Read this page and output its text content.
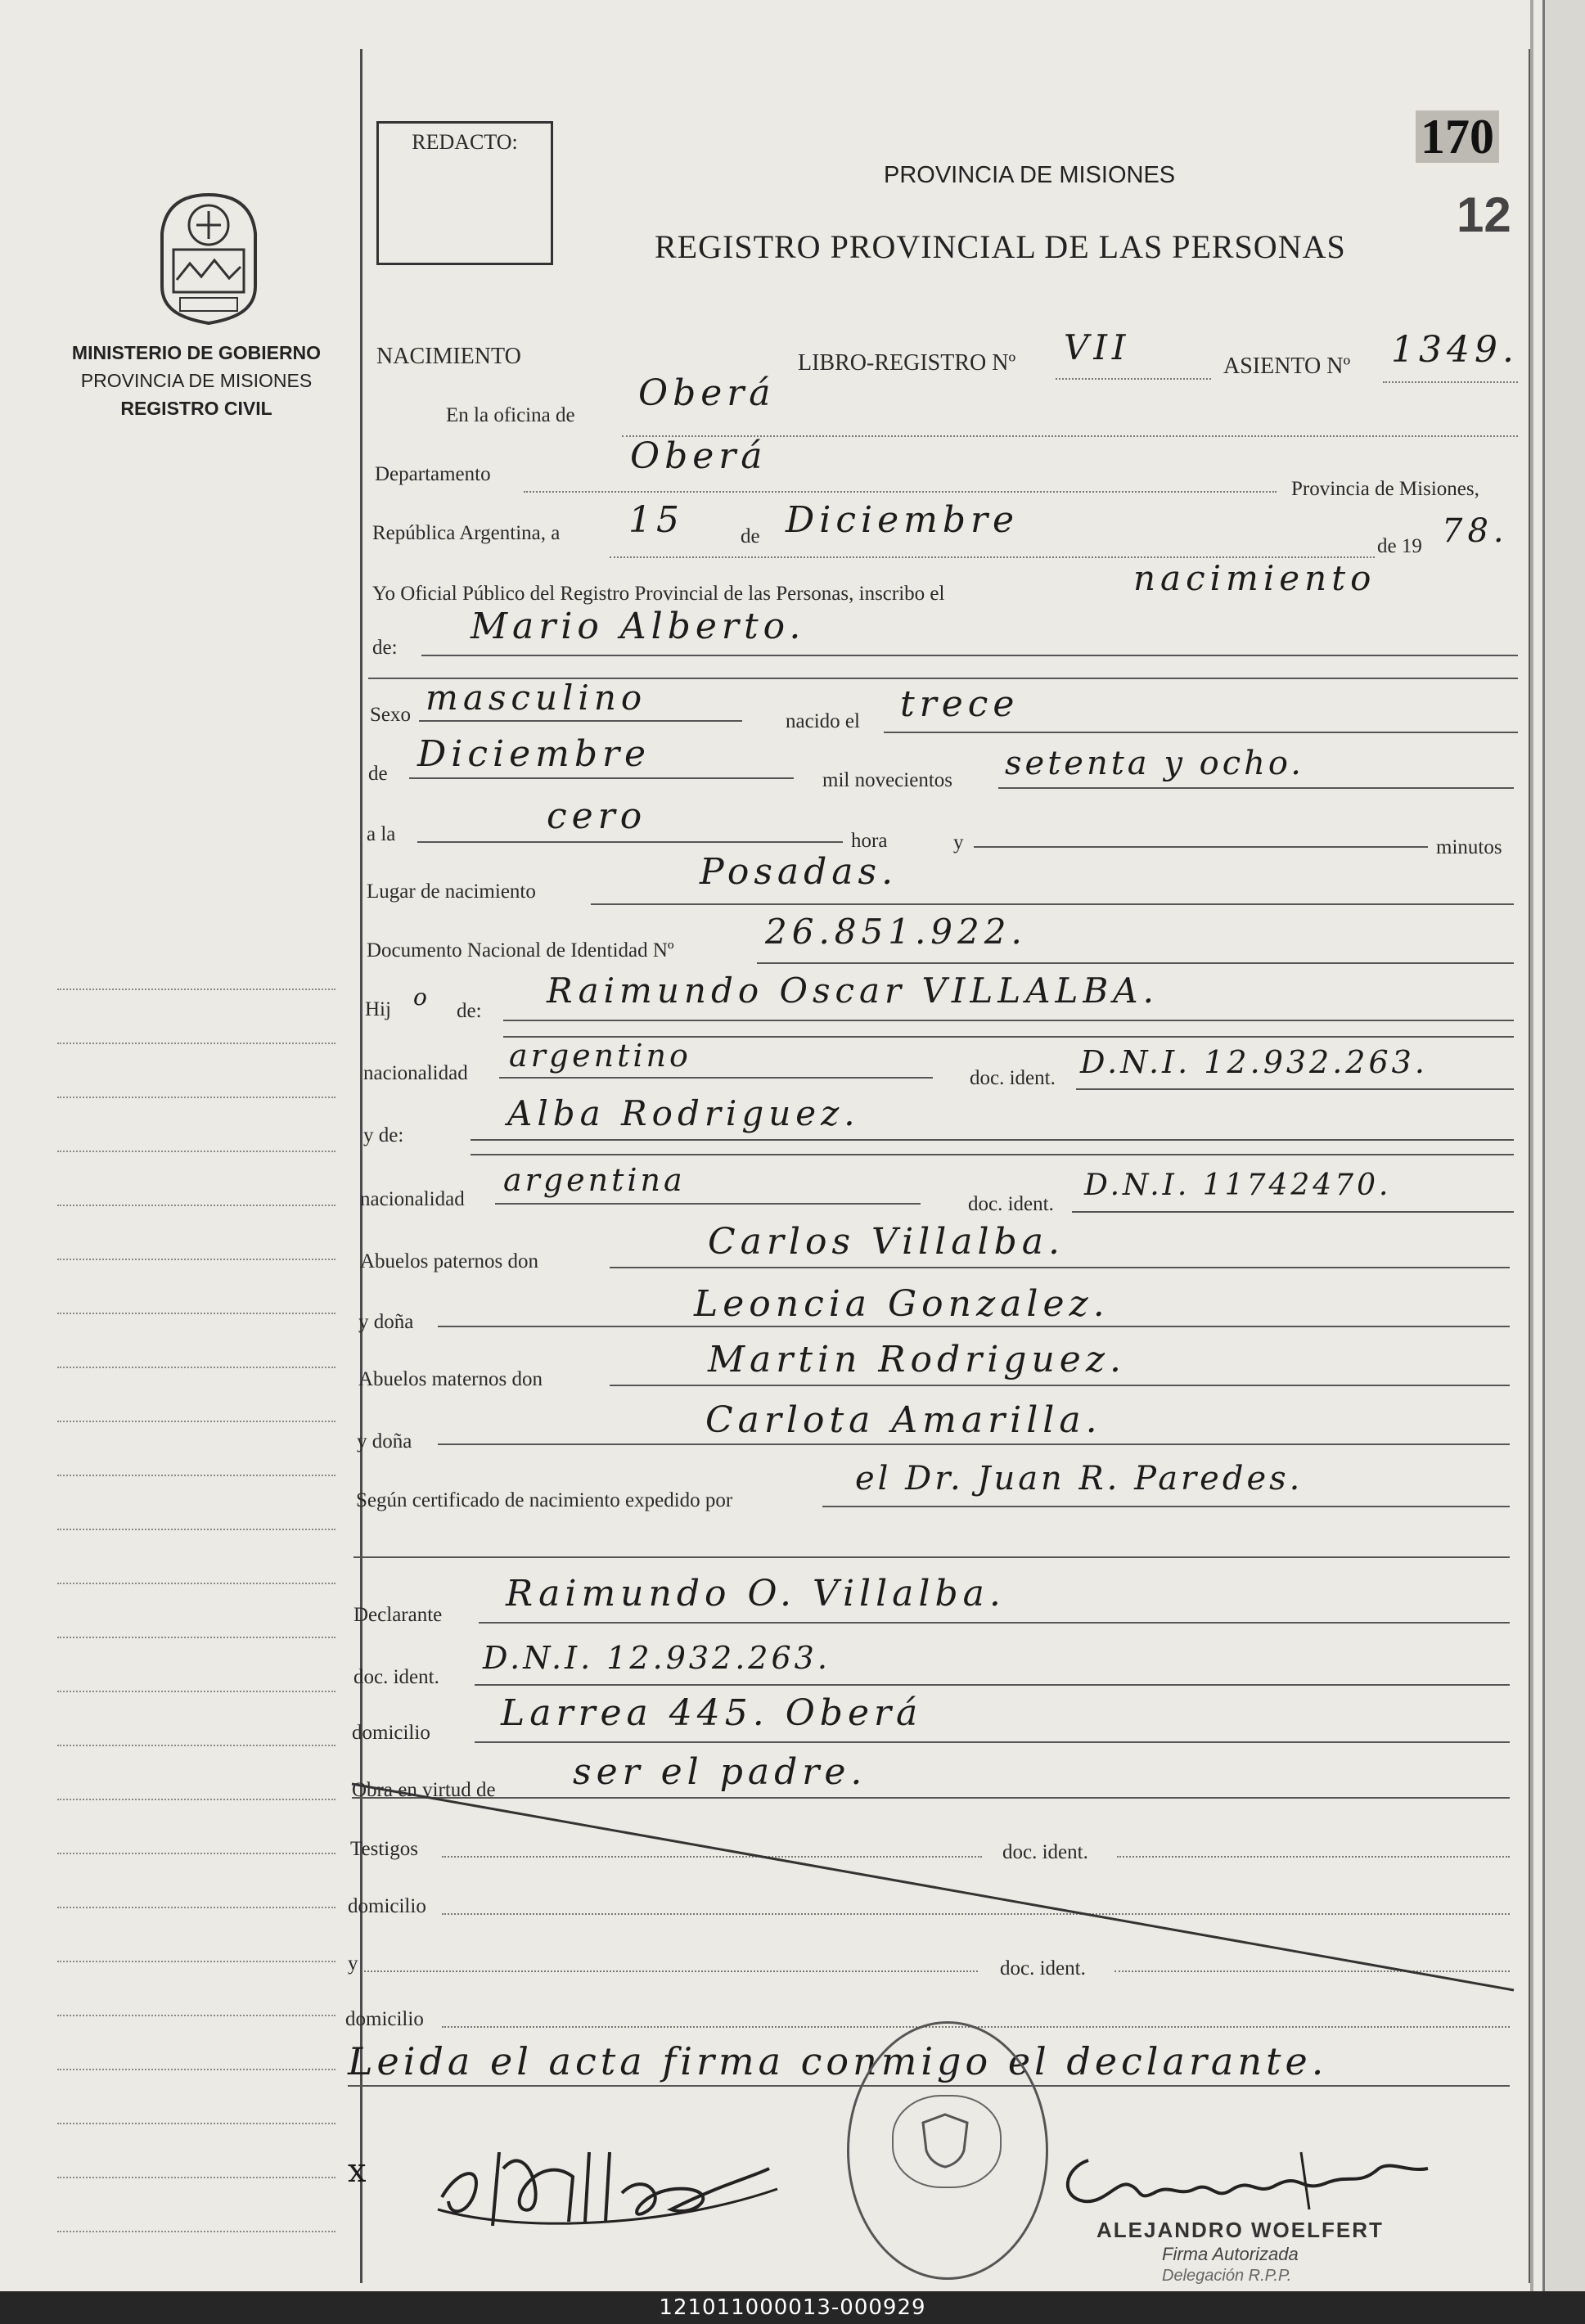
MINISTERIO DE GOBIERNO
PROVINCIA DE MISIONES
REGISTRO CIVIL
REDACTO:
PROVINCIA DE MISIONES
REGISTRO PROVINCIAL DE LAS PERSONAS
170
12
NACIMIENTO	LIBRO-REGISTRO Nº VII	ASIENTO Nº 1349.
En la oficina de
Oberá
Departamento	Oberá
Provincia de Misiones,
República Argentina, a 15	de Diciembre
de 19 78.
Yo Oficial Público del Registro Provincial de las Personas, inscribo el	nacimiento
de:
Mario Alberto.
Sexo masculino
nacido el trece
de Diciembre
mil novecientos setenta y ocho.
a la	cero
hora	y	minutos
Lugar de nacimiento	Posadas.
Documento Nacional de Identidad Nº	26.851.922.
Hij o
de:
Raimundo Oscar VILLALBA.
nacionalidad argentino
doc. ident. D.N.I. 12.932.263.
y de:
Alba Rodriguez.
nacionalidad
argentina
doc. ident.
D.N.I. 11742470.
Abuelos paternos don	Carlos Villalba.
y doña	Leoncia Gonzalez.
Abuelos maternos don	Martin Rodriguez.
y doña
Carlota Amarilla.
Según certificado de nacimiento expedido por
el Dr. Juan R. Paredes.
Declarante
Raimundo O. Villalba.
doc. ident.
D.N.I. 12.932.263.
domicilio Larrea 445. Oberá
Obra en virtud de ser el padre.
Testigos	doc. ident.
domicilio
y	doc. ident.
domicilio
Leida el acta firma conmigo el declarante.
x
ALEJANDRO WOELFERT
Firma Autorizada
Delegación R.P.P.
121011000013-000929
